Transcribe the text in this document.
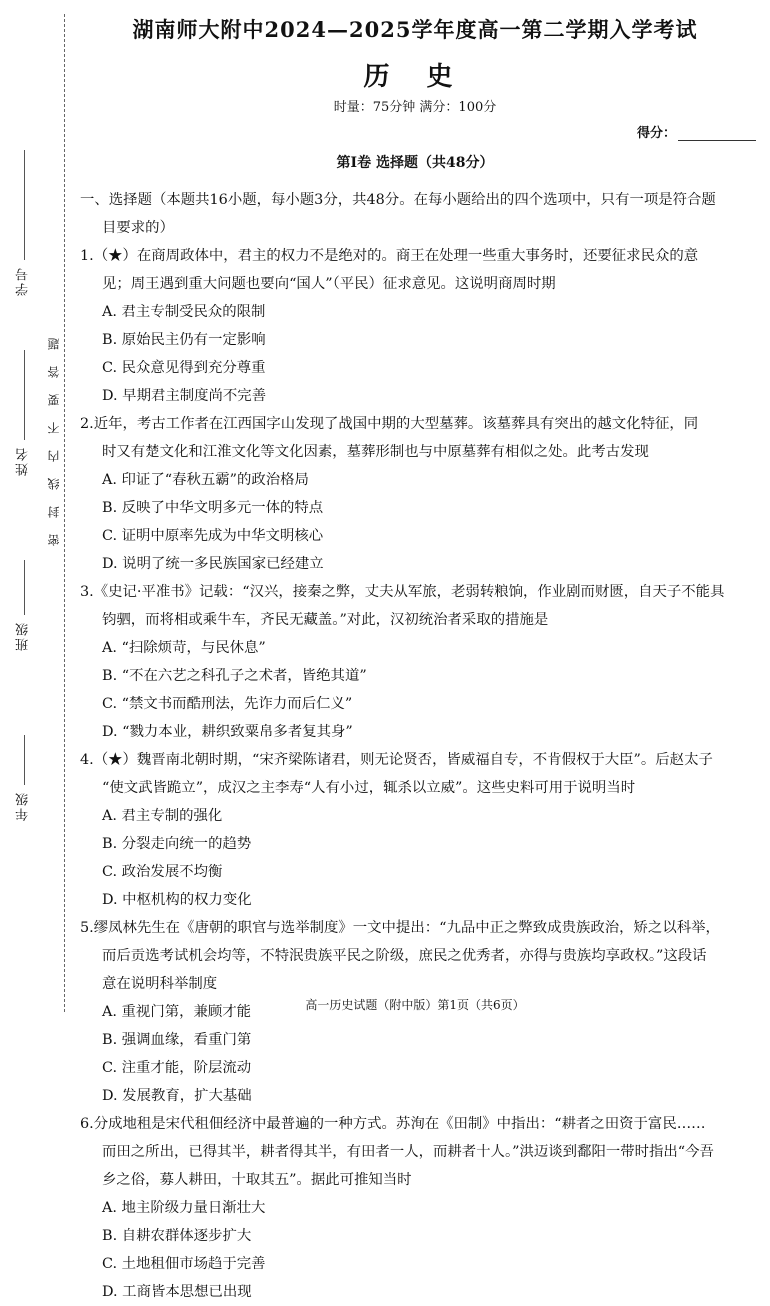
学号
姓名
班级
年级
题
答
要
不
内
线
封
密
湖南师大附中2024—2025学年度高一第二学期入学考试
历 史
时量：75分钟 满分：100分
得分：
第Ⅰ卷 选择题（共48分）

一、选择题（本题共16小题，每小题3分，共48分。在每小题给出的四个选项中，只有一项是符合题

目要求的）

1.（★）在商周政体中，君主的权力不是绝对的。商王在处理一些重大事务时，还要征求民众的意

见；周王遇到重大问题也要向“国人”（平民）征求意见。这说明商周时期

A. 君主专制受民众的限制
B. 原始民主仍有一定影响
C. 民众意见得到充分尊重
D. 早期君主制度尚不完善

2.近年，考古工作者在江西国字山发现了战国中期的大型墓葬。该墓葬具有突出的越文化特征，同

时又有楚文化和江淮文化等文化因素，墓葬形制也与中原墓葬有相似之处。此考古发现

A. 印证了“春秋五霸”的政治格局
B. 反映了中华文明多元一体的特点
C. 证明中原率先成为中华文明核心
D. 说明了统一多民族国家已经建立

3.《史记·平准书》记载：“汉兴，接秦之弊，丈夫从军旅，老弱转粮饷，作业剧而财匮，自天子不能具

钧驷，而将相或乘牛车，齐民无藏盖。”对此，汉初统治者采取的措施是

A. “扫除烦苛，与民休息”
B. “不在六艺之科孔子之术者，皆绝其道”
C. “禁文书而酷刑法，先诈力而后仁义”
D. “戮力本业，耕织致粟帛多者复其身”

4.（★）魏晋南北朝时期，“宋齐梁陈诸君，则无论贤否，皆威福自专，不肯假权于大臣”。后赵太子

“使文武皆跪立”，成汉之主李寿“人有小过，辄杀以立威”。这些史料可用于说明当时

A. 君主专制的强化
B. 分裂走向统一的趋势
C. 政治发展不均衡
D. 中枢机构的权力变化

5.缪凤林先生在《唐朝的职官与选举制度》一文中提出：“九品中正之弊致成贵族政治，矫之以科举，

而后贡选考试机会均等，不特泯贵族平民之阶级，庶民之优秀者，亦得与贵族均享政权。”这段话

意在说明科举制度

A. 重视门第，兼顾才能
B. 强调血缘，看重门第
C. 注重才能，阶层流动
D. 发展教育，扩大基础

6.分成地租是宋代租佃经济中最普遍的一种方式。苏洵在《田制》中指出：“耕者之田资于富民……

而田之所出，已得其半，耕者得其半，有田者一人，而耕者十人。”洪迈谈到鄱阳一带时指出“今吾

乡之俗，募人耕田，十取其五”。据此可推知当时

A. 地主阶级力量日渐壮大
B. 自耕农群体逐步扩大
C. 土地租佃市场趋于完善
D. 工商皆本思想已出现
高一历史试题（附中版）第1页（共6页）
